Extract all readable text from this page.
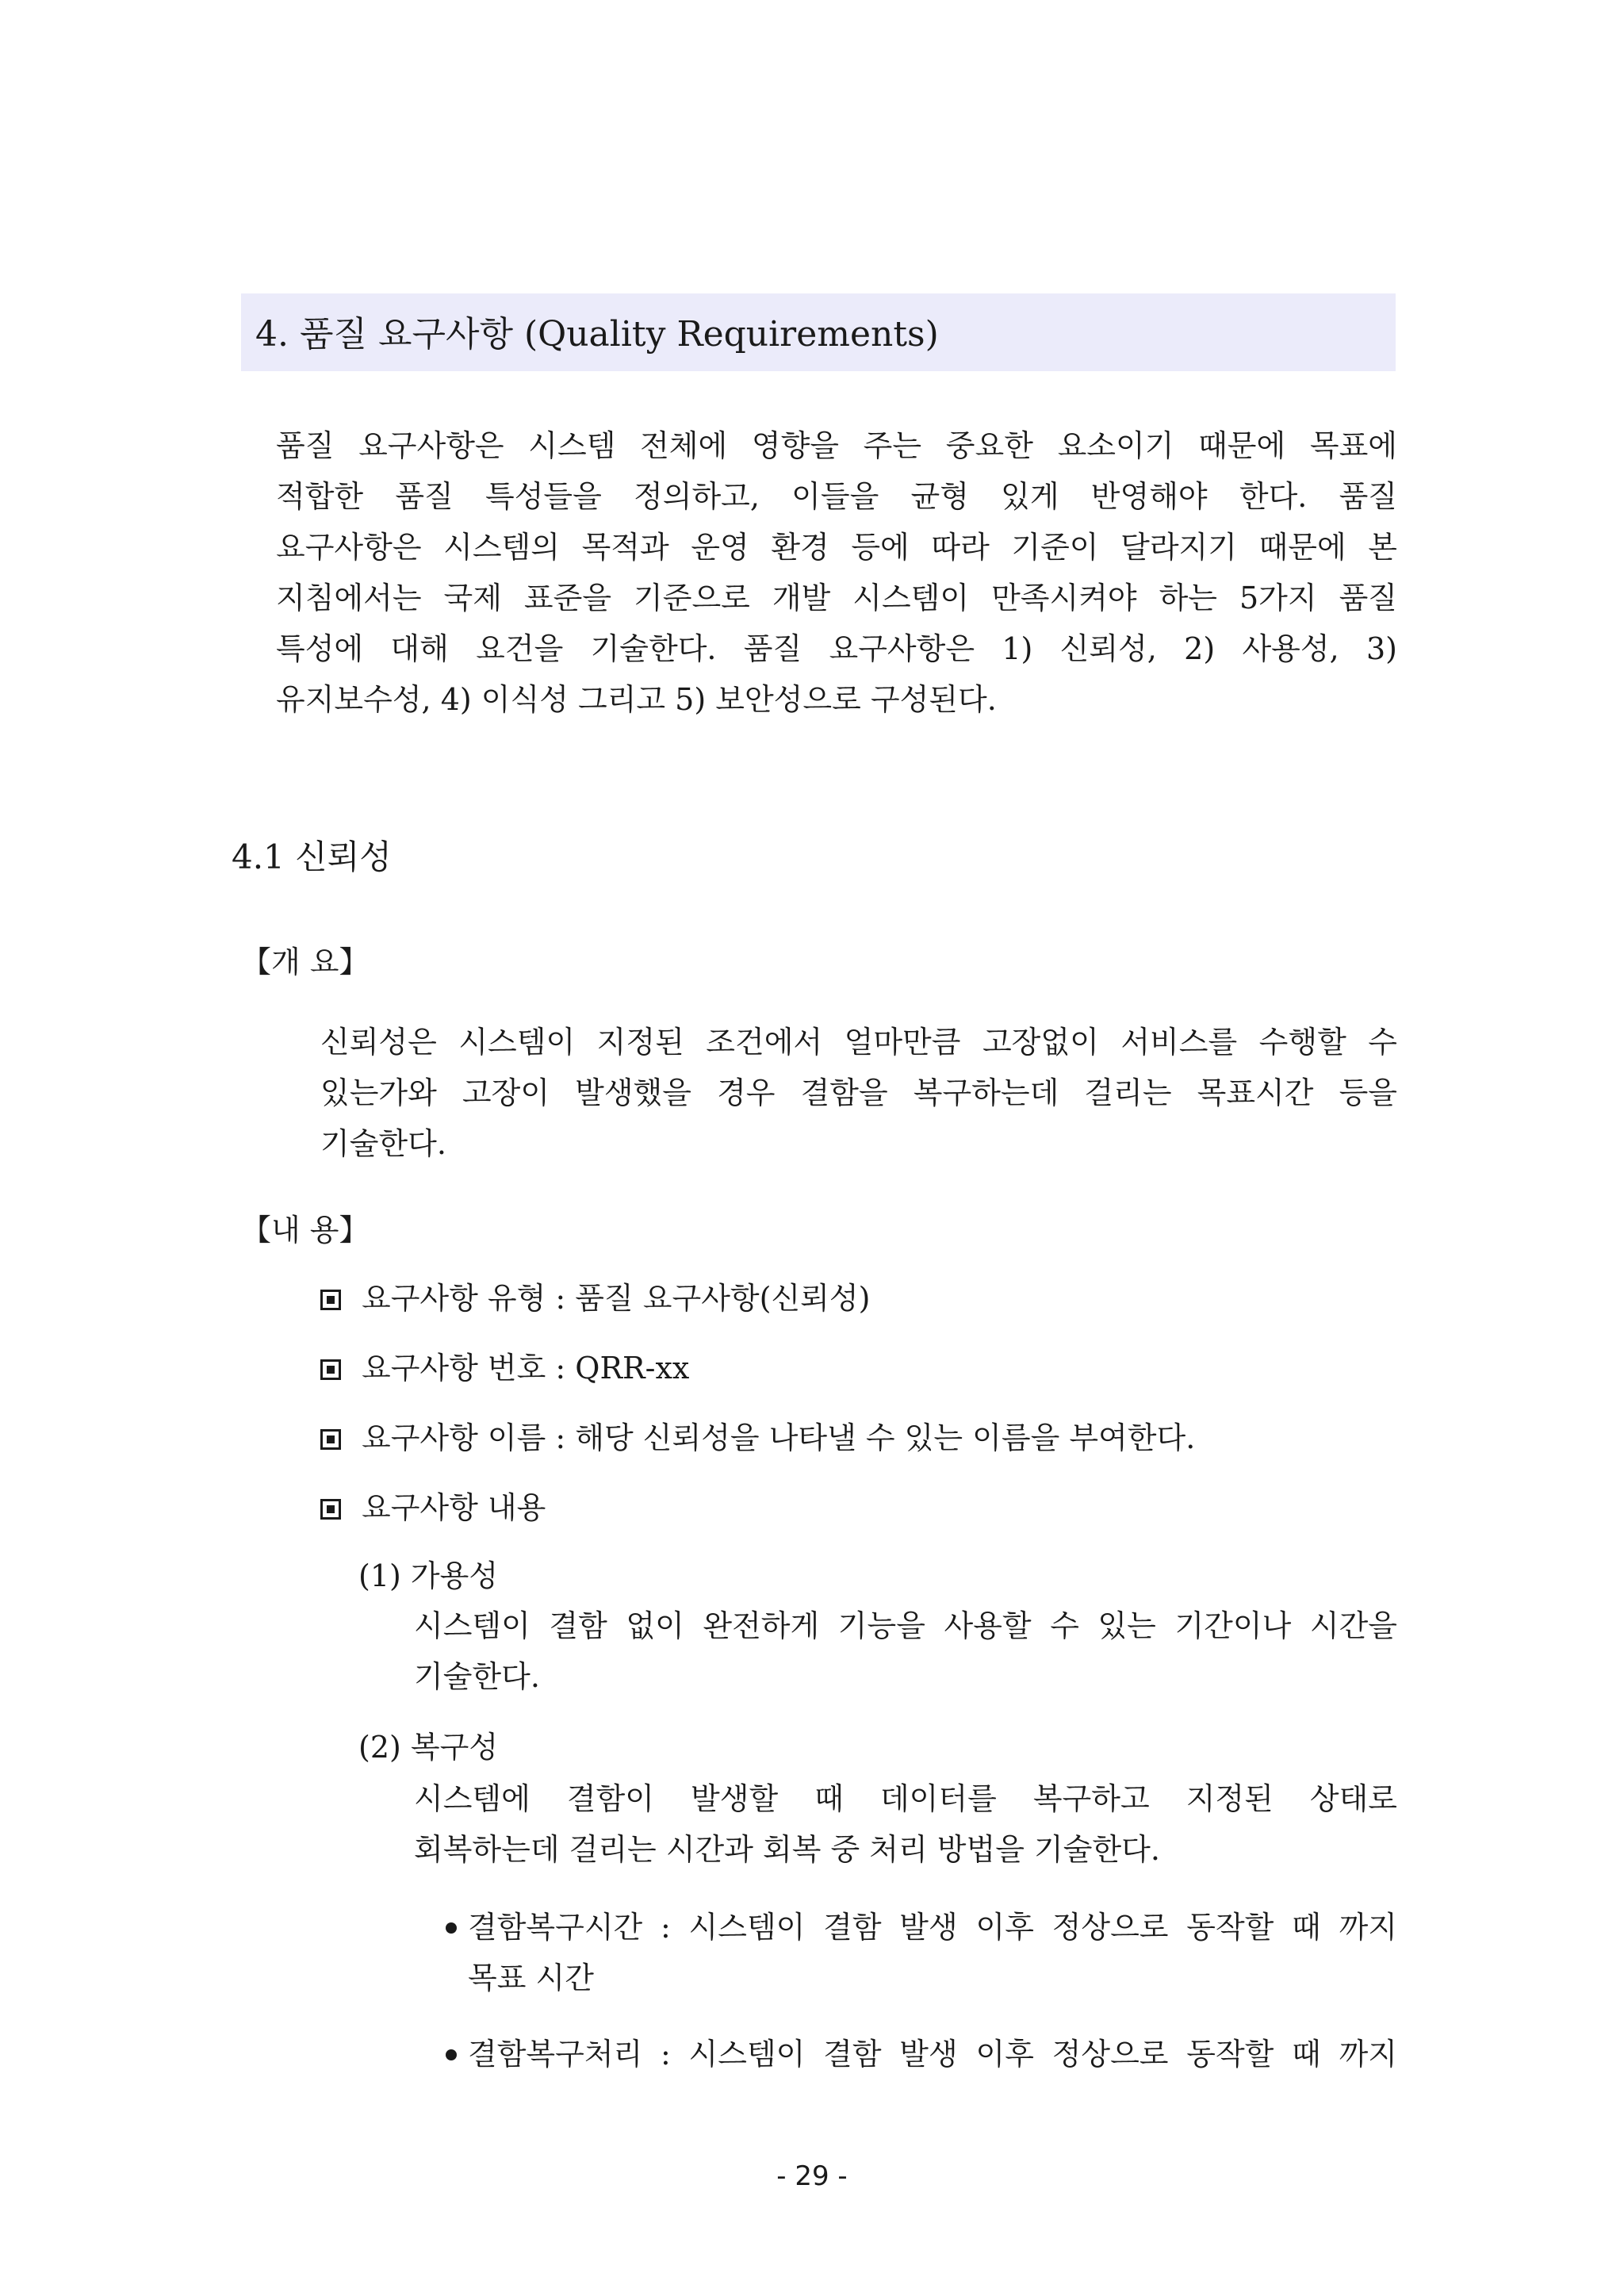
4. 품질 요구사항 (Quality Requirements)

품질 요구사항은 시스템 전체에 영향을 주는 중요한 요소이기 때문에 목표에
적합한 품질 특성들을 정의하고, 이들을 균형 있게 반영해야 한다. 품질
요구사항은 시스템의 목적과 운영 환경 등에 따라 기준이 달라지기 때문에 본
지침에서는 국제 표준을 기준으로 개발 시스템이 만족시켜야 하는 5가지 품질
특성에 대해 요건을 기술한다. 품질 요구사항은 1) 신뢰성, 2) 사용성, 3)
유지보수성, 4) 이식성 그리고 5) 보안성으로 구성된다.

4.1 신뢰성
【개 요】

신뢰성은 시스템이 지정된 조건에서 얼마만큼 고장없이 서비스를 수행할 수
있는가와 고장이 발생했을 경우 결함을 복구하는데 걸리는 목표시간 등을
기술한다.

【내 용】
요구사항 유형 : 품질 요구사항(신뢰성)
요구사항 번호 : QRR-xx
요구사항 이름 : 해당 신뢰성을 나타낼 수 있는 이름을 부여한다.
요구사항 내용
(1) 가용성

시스템이 결함 없이 완전하게 기능을 사용할 수 있는 기간이나 시간을
기술한다.

(2) 복구성

시스템에 결함이 발생할 때 데이터를 복구하고 지정된 상태로
회복하는데 걸리는 시간과 회복 중 처리 방법을 기술한다.

결함복구시간 : 시스템이 결함 발생 이후 정상으로 동작할 때 까지
목표 시간

결함복구처리 : 시스템이 결함 발생 이후 정상으로 동작할 때 까지

- 29 -
